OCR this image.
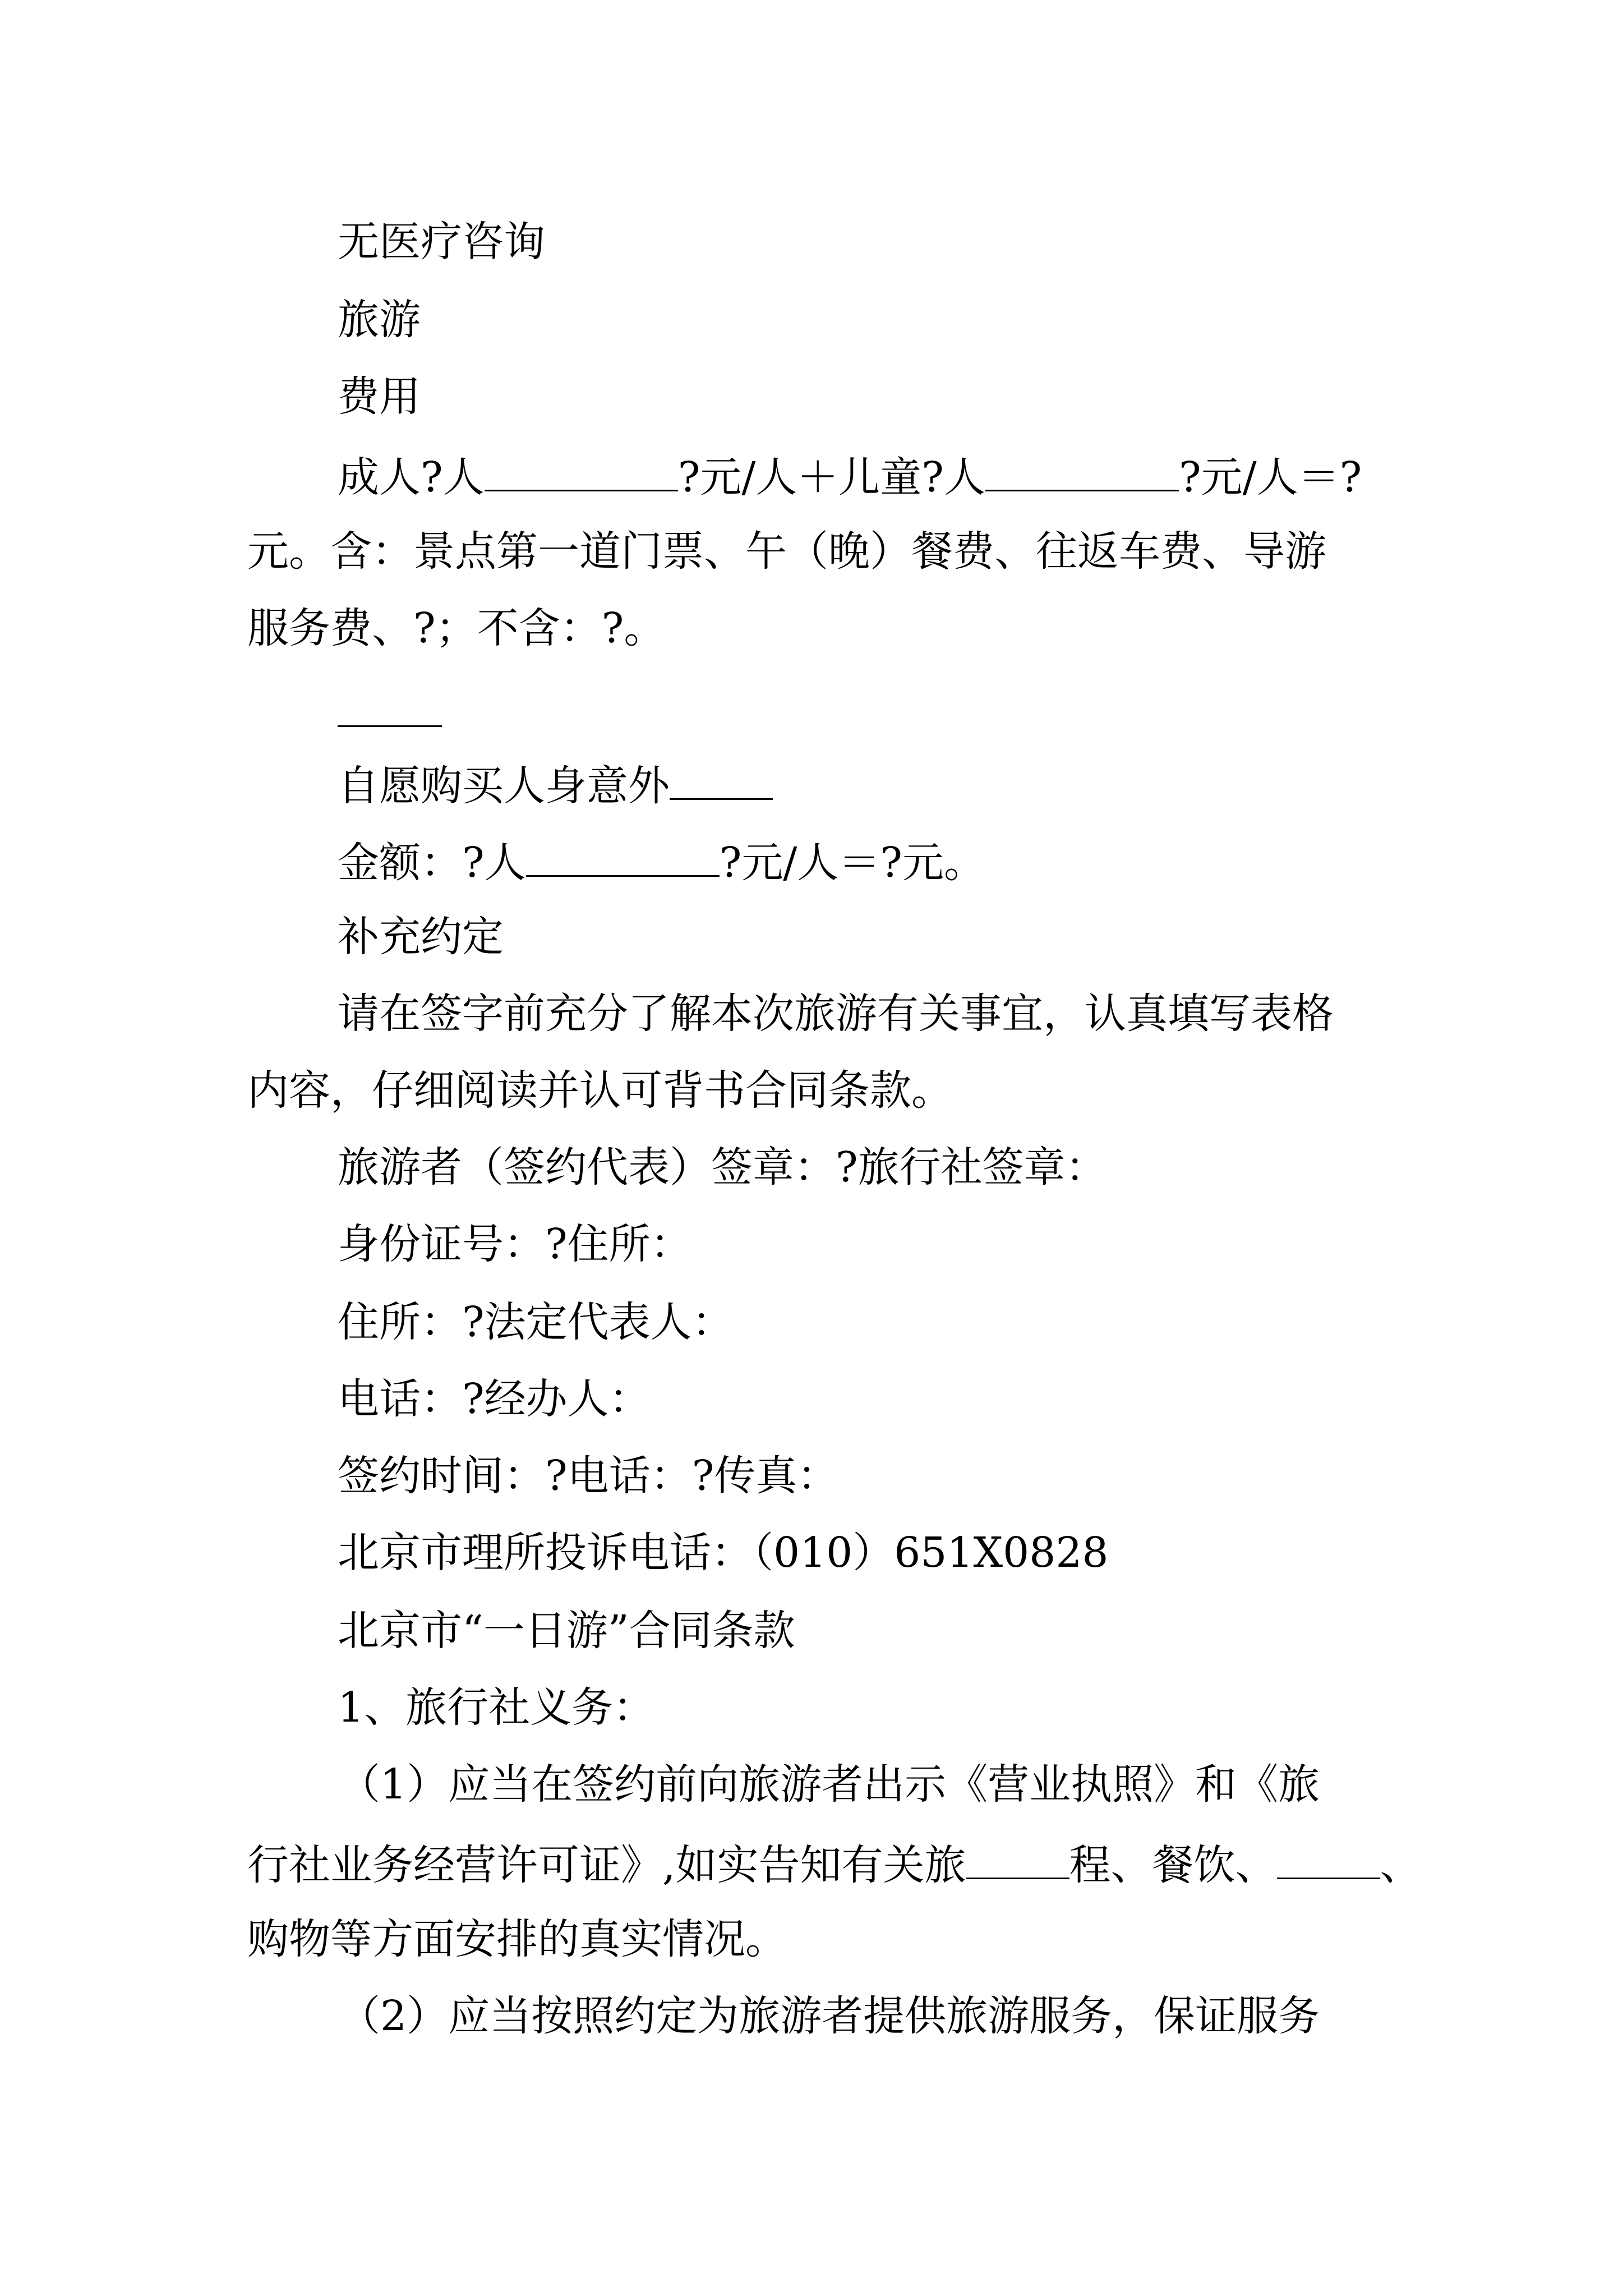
无医疗咨询
旅游
费用
成人?人	?元/人＋儿童?人	?元/人＝?
元。含：景点第一道门票、午（晚）餐费、往返车费、导游
服务费、?；不含：?。
自愿购买人身意外
金额：?人	?元/人＝?元。
补充约定
请在签字前充分了解本次旅游有关事宜，认真填写表格
内容，仔细阅读并认可背书合同条款。
旅游者（签约代表）签章：?旅行社签章：
身份证号：?住所：
住所：?法定代表人：
电话：?经办人：
签约时间：?电话：?传真：
北京市理所投诉电话：（010）651X0828
北京市“一日游”合同条款
1、旅行社义务：
（1）应当在签约前向旅游者出示《营业执照》和《旅
行社业务经营许可证》,如实告知有关旅 程、餐饮、 、
购物等方面安排的真实情况。
（2）应当按照约定为旅游者提供旅游服务，保证服务
